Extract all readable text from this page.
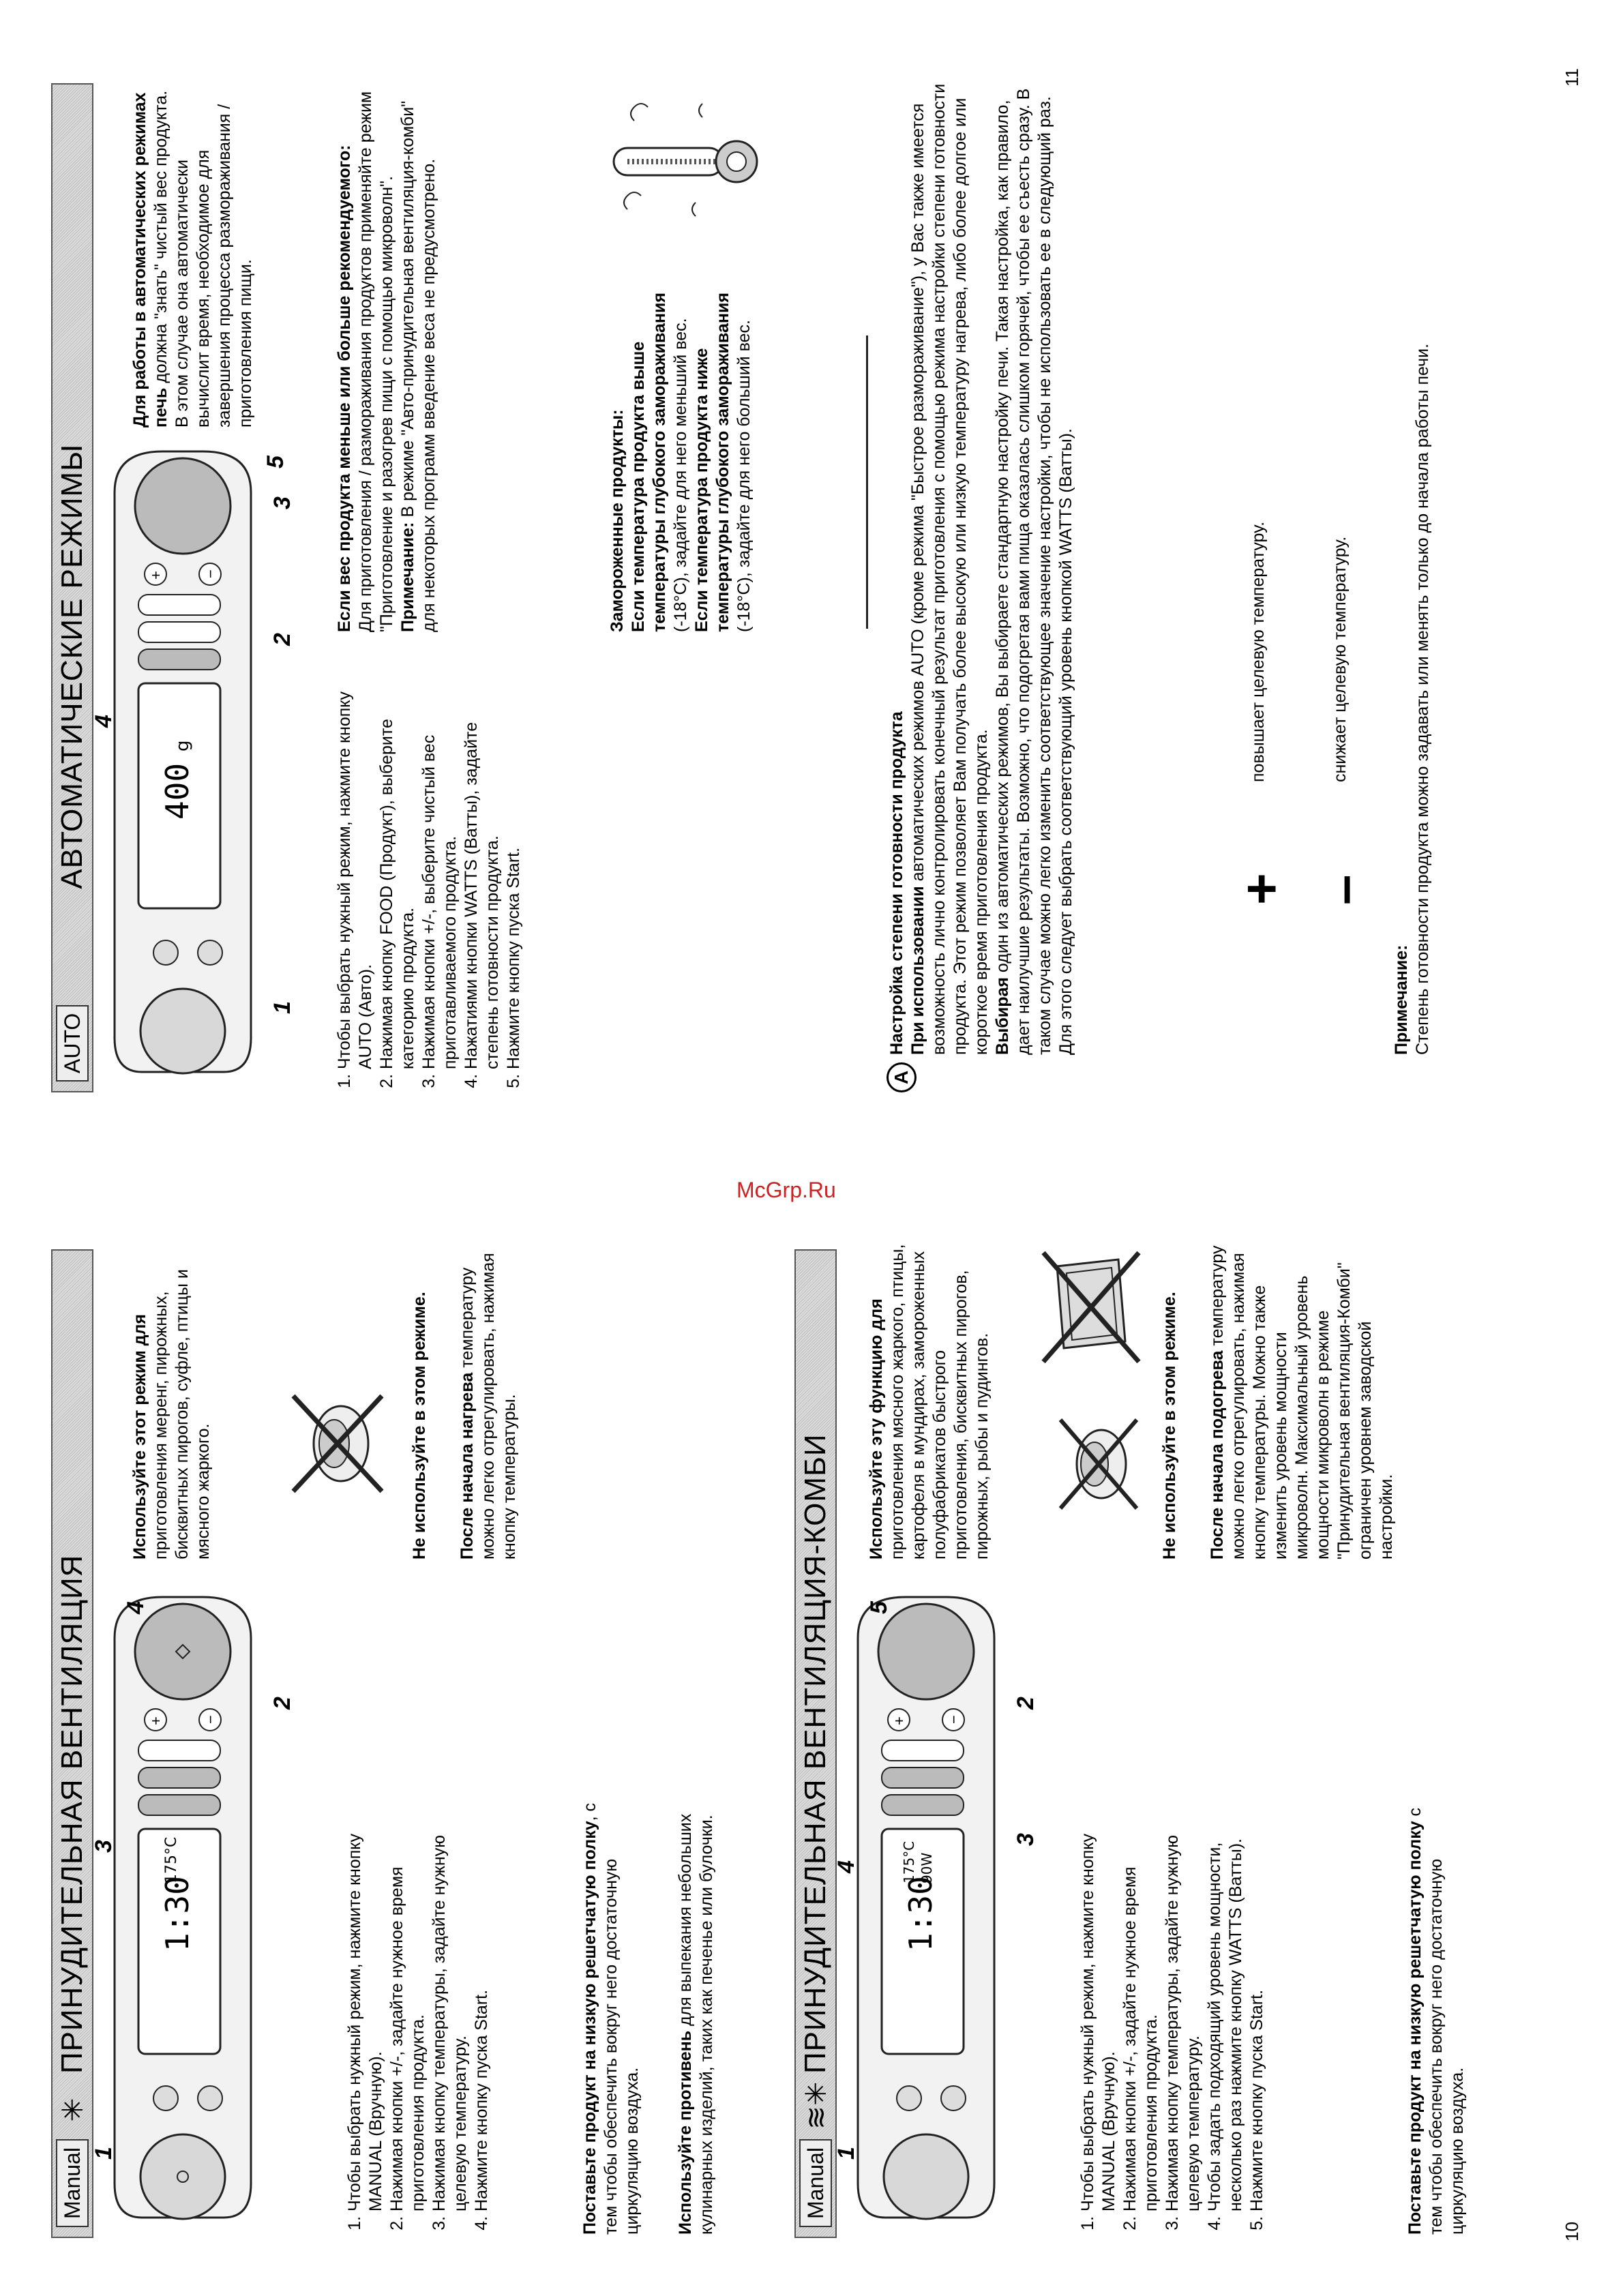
Manual
✳
ПРИНУДИТЕЛЬНАЯ ВЕНТИЛЯЦИЯ 1:30
175°C
+	−
1
3
4
2
1. Чтобы выбрать нужный режим, нажмите кнопку MANUAL (Вручную). 2. Нажимая кнопки +/-, задайте нужное время приготовления продукта. 3. Нажимая кнопку температуры, задайте нужную целевую температуру. 4. Нажмите кнопку пуска Start.	Поставьте продукт на низкую решетчатую полку, с тем чтобы обеспечить вокруг него достаточную циркуляцию воздуха. Используйте противень для выпекания небольших кулинарных изделий, таких как печенье или булочки.
Используйте этот режим для приготовления меренг, пирожных, бисквитных пирогов, суфле, птицы и мясного жаркого.	Не используйте в этом режиме. После начала нагрева температуру можно легко отрегулировать, нажимая кнопку температуры.
Manual
≋✳
ПРИНУДИТЕЛЬНАЯ ВЕНТИЛЯЦИЯ-КОМБИ 1:30
175°C 90W
+	−
1
4
3
2
5
1. Чтобы выбрать нужный режим, нажмите кнопку MANUAL (Вручную). 2. Нажимая кнопки +/-, задайте нужное время приготовления продукта. 3. Нажимая кнопку температуры, задайте нужную целевую температуру. 4. Чтобы задать подходящий уровень мощности, несколько раз нажмите кнопку WATTS (Ватты). 5. Нажмите кнопку пуска Start.	Поставьте продукт на низкую решетчатую полку с тем чтобы обеспечить вокруг него достаточную циркуляцию воздуха.
Используйте эту функцию для приготовления мясного жаркого, птицы, картофеля в мундирах, замороженных полуфабрикатов быстрого приготовления, бисквитных пирогов, пирожных, рыбы и пудингов.	Не используйте в этом режиме. После начала подогрева температуру можно легко отрегулировать, нажимая кнопку температуры. Можно также изменить уровень мощности микроволн. Максимальный уровень мощности микроволн в режиме "Принудительная вентиляция-Комби" ограничен уровнем заводской настройки.
10
AUTO
АВТОМАТИЧЕСКИЕ РЕЖИМЫ 400
g
+	−
1
4
2
3
5
1. Чтобы выбрать нужный режим, нажмите кнопку AUTO (Авто). 2. Нажимая кнопку FOOD (Продукт), выберите категорию продукта. 3. Нажимая кнопки +/-, выберите чистый вес приготавливаемого продукта. 4. Нажатиями кнопки WATTS (Ватты), задайте степень готовности продукта. 5. Нажмите кнопку пуска Start.
Для работы в автоматических режимах печь должна "знать" чистый вес продукта. В этом случае она автоматически вычислит время, необходимое для завершения процесса размораживания / приготовления пищи.	Если вес продукта меньше или больше рекомендуемого: Для приготовления / размораживания продуктов применяйте режим "Приготовление и разогрев пищи с помощью микроволн". Примечание: В режиме "Авто-принудительная вентиляция-комби" для некоторых программ введение веса не предусмотрено.	Замороженные продукты: Если температура продукта выше температуры глубокого замораживания (-18°C), задайте для него меньший вес. Если температура продукта ниже температуры глубокого замораживания (-18°C), задайте для него больший вес.
A
Настройка степени готовности продукта При использовании автоматических режимов AUTO (кроме режима "Быстрое размораживание"), у Вас также имеется возможность лично контролировать конечный результат приготовления с помощью режима настройки степени готовности продукта. Этот режим позволяет Вам получать более высокую или низкую температуру нагрева, либо более долгое или короткое время приготовления продукта. Выбирая один из автоматических режимов, Вы выбираете стандартную настройку печи. Такая настройка, как правило, дает наилучшие результаты. Возможно, что подогретая вами пища оказалась слишком горячей, чтобы ее съесть сразу. В таком случае можно легко изменить соответствующее значение настройки, чтобы не использовать ее в следующий раз. Для этого следует выбрать соответствующий уровень кнопкой WATTS (Ватты).	+
повышает целевую температуру.
–
снижает целевую температуру.
Примечание: Степень готовности продукта можно задавать или менять только до начала работы печи.
11
McGrp.Ru
